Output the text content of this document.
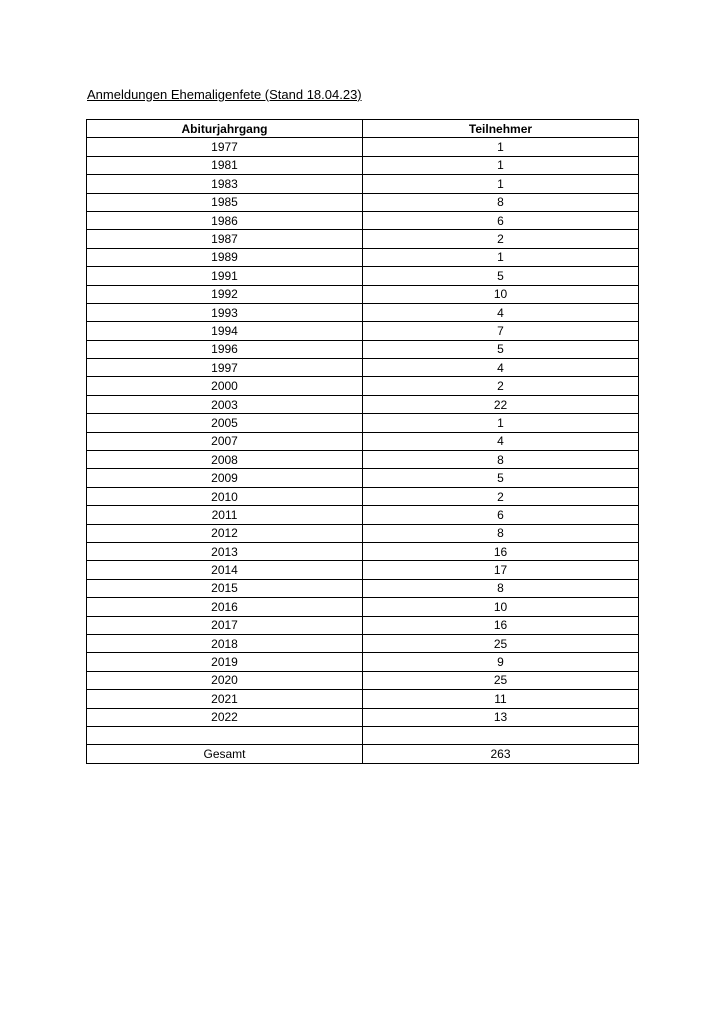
Anmeldungen Ehemaligenfete (Stand 18.04.23)
Abiturjahrgang	Teilnehmer
1977	1
1981	1
1983	1
1985	8
1986	6
1987	2
1989	1
1991	5
1992	10
1993	4
1994	7
1996	5
1997	4
2000	2
2003	22
2005	1
2007	4
2008	8
2009	5
2010	2
2011	6
2012	8
2013	16
2014	17
2015	8
2016	10
2017	16
2018	25
2019	9
2020	25
2021	11
2022	13

Gesamt	263
